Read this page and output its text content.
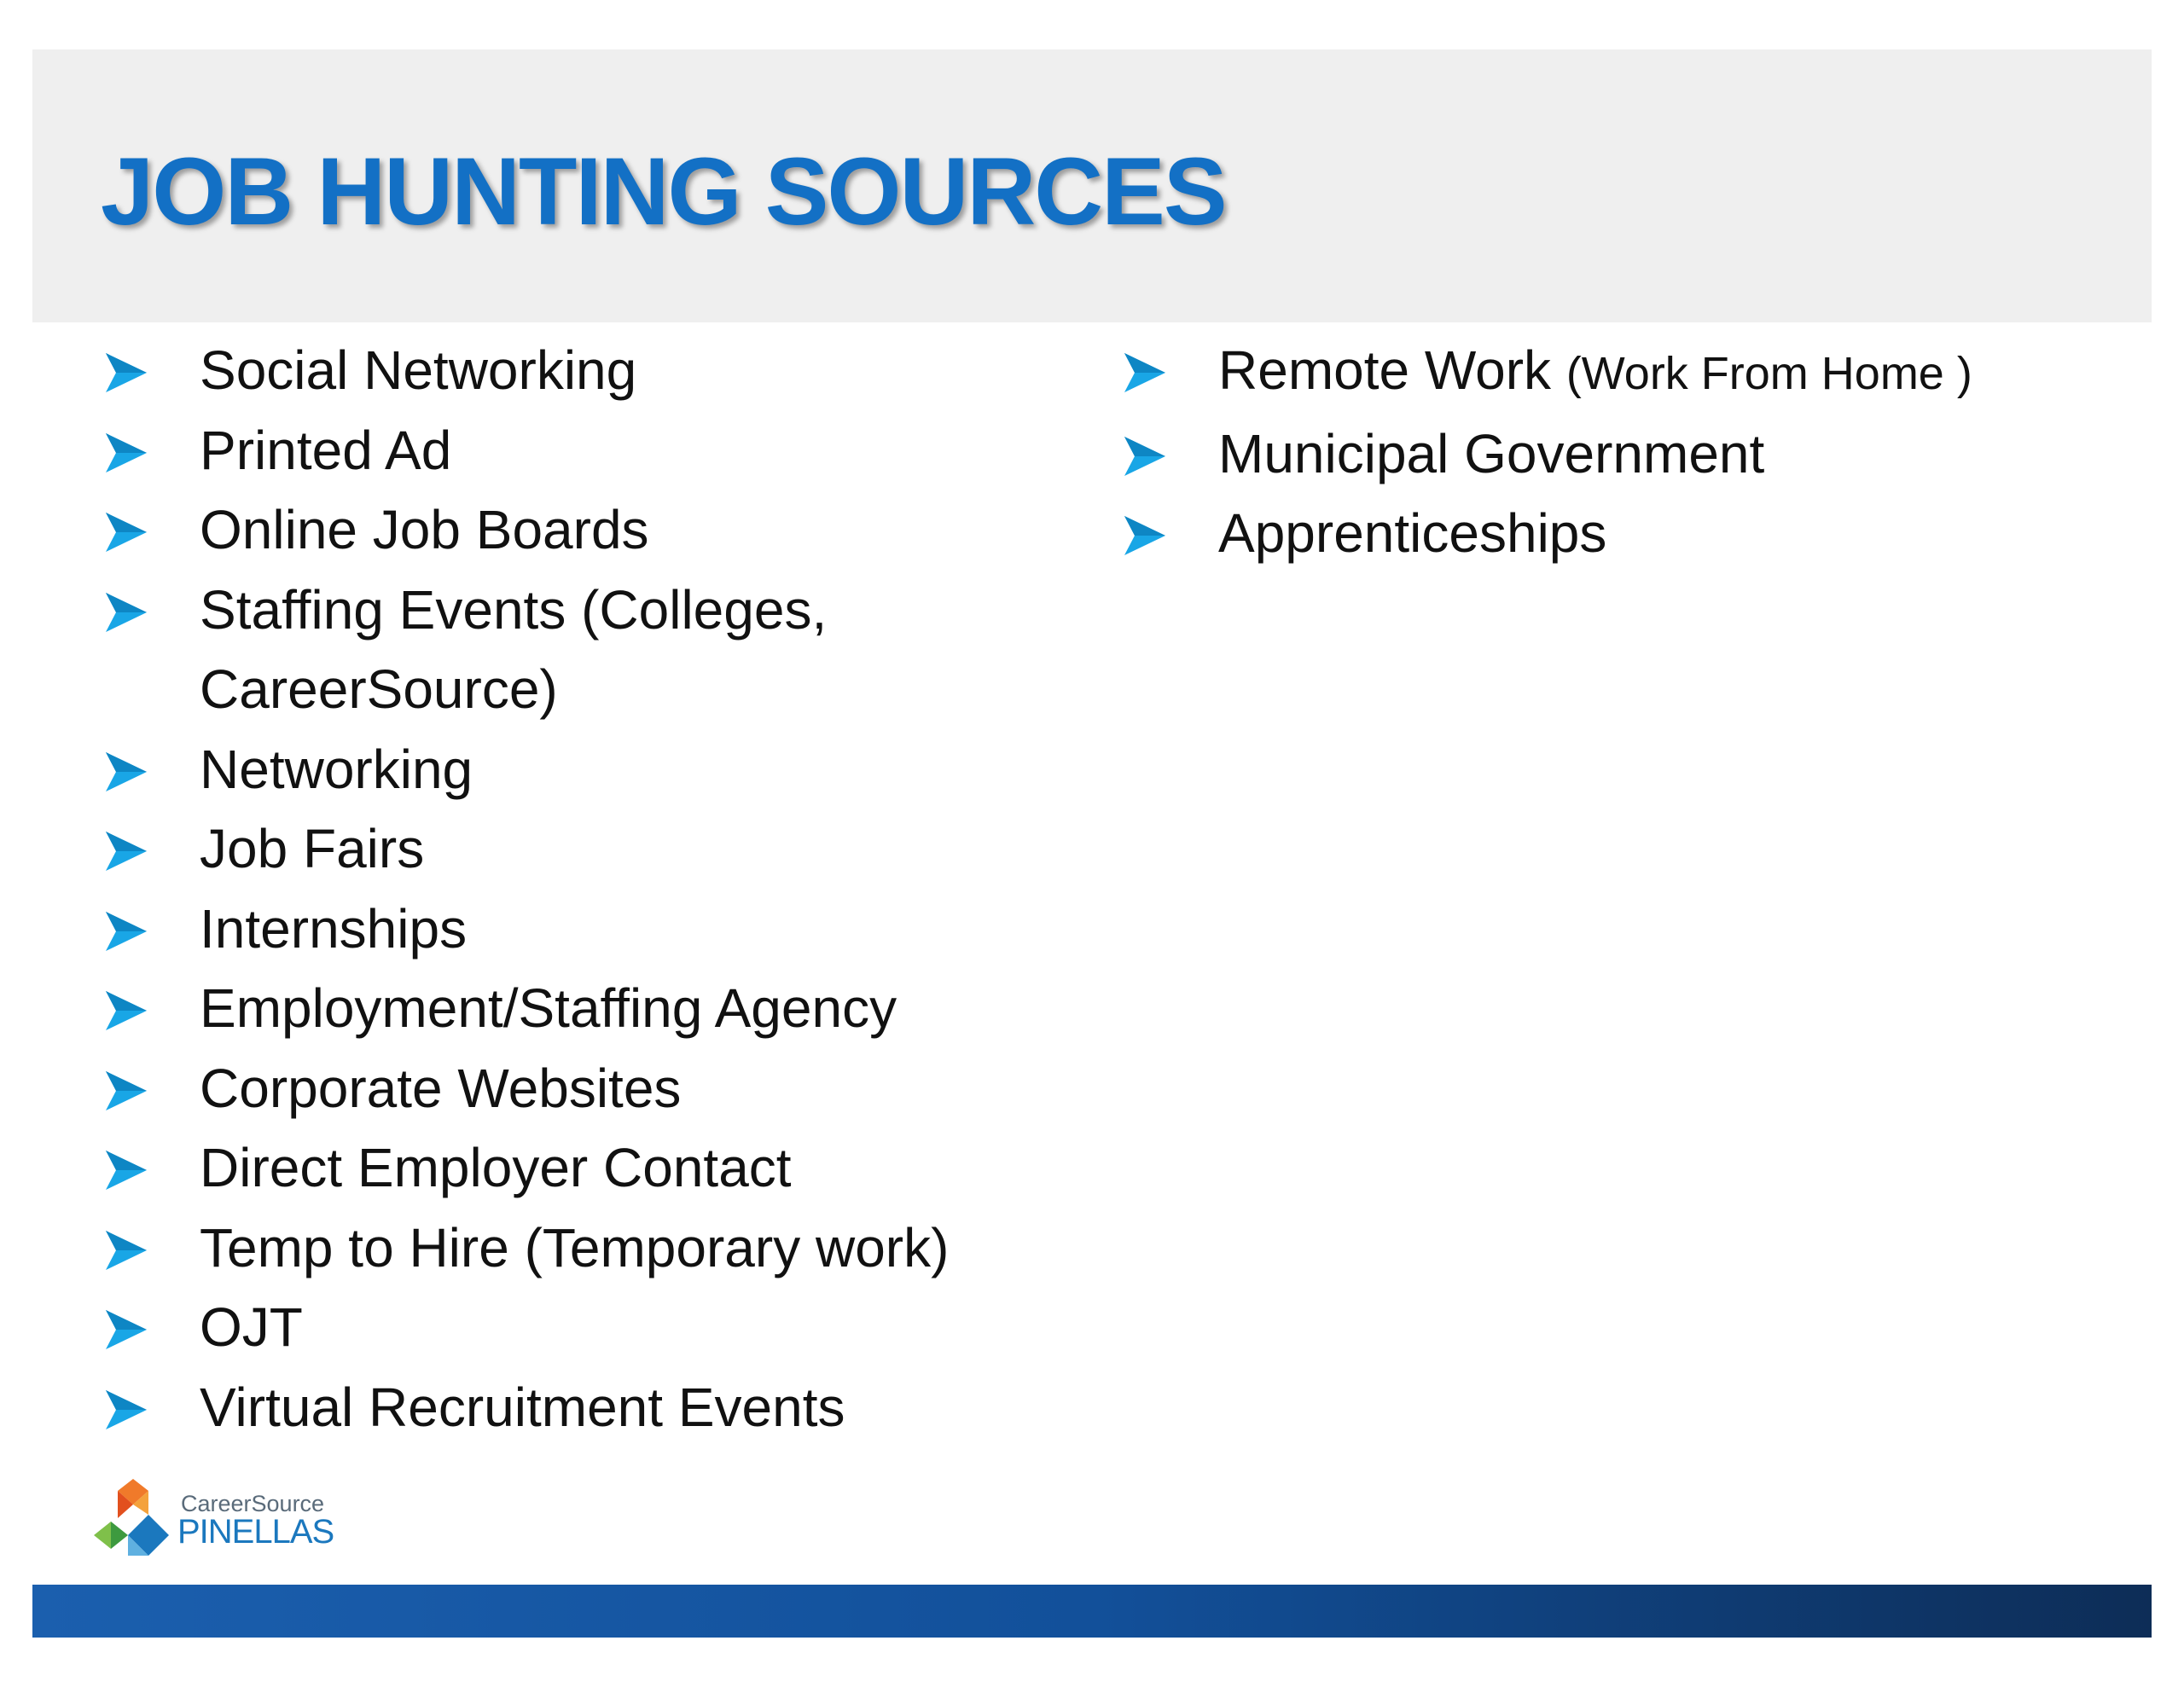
JOB HUNTING SOURCES
Social Networking
Printed Ad
Online Job Boards
Staffing Events (Colleges, CareerSource)
Networking
Job Fairs
Internships
Employment/Staffing Agency
Corporate Websites
Direct Employer Contact
Temp to Hire (Temporary work)
OJT
Virtual Recruitment Events
Remote Work (Work From Home )
Municipal Government
Apprenticeships
CareerSource
PINELLAS
